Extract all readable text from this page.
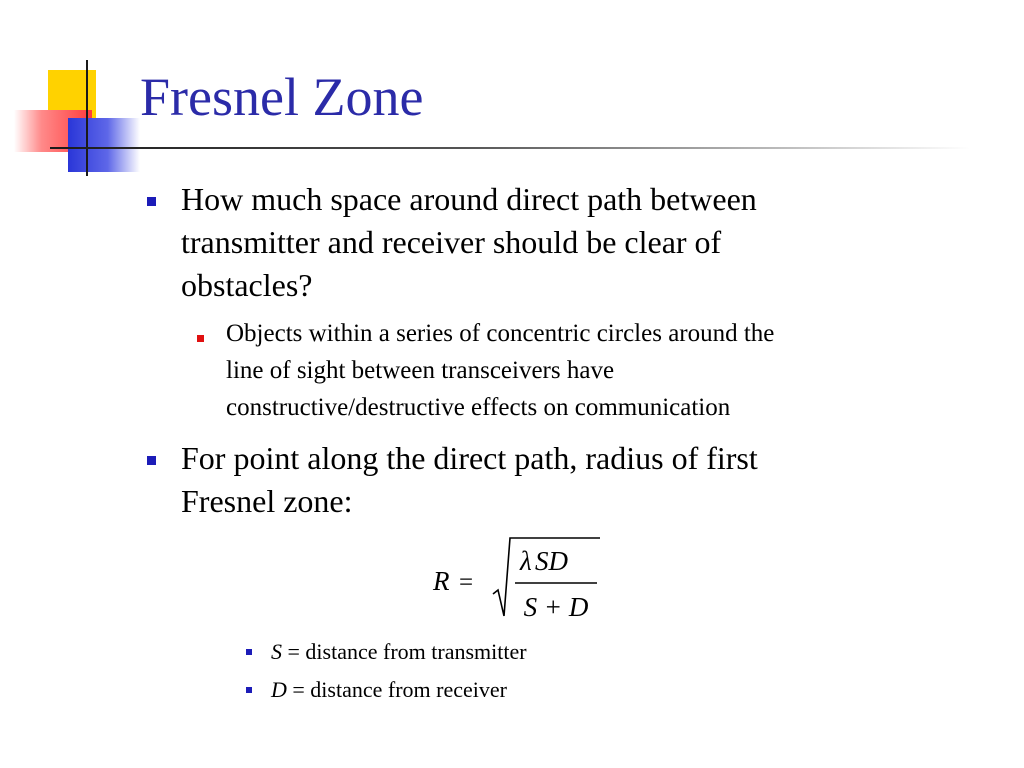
Fresnel Zone
How much space around direct path between
transmitter and receiver should be clear of
obstacles?
Objects within a series of concentric circles around the
line of sight between transceivers have
constructive/destructive effects on communication
For point along the direct path, radius of first
Fresnel zone:
R =
λ SD
S + D
S = distance from transmitter
D = distance from receiver
